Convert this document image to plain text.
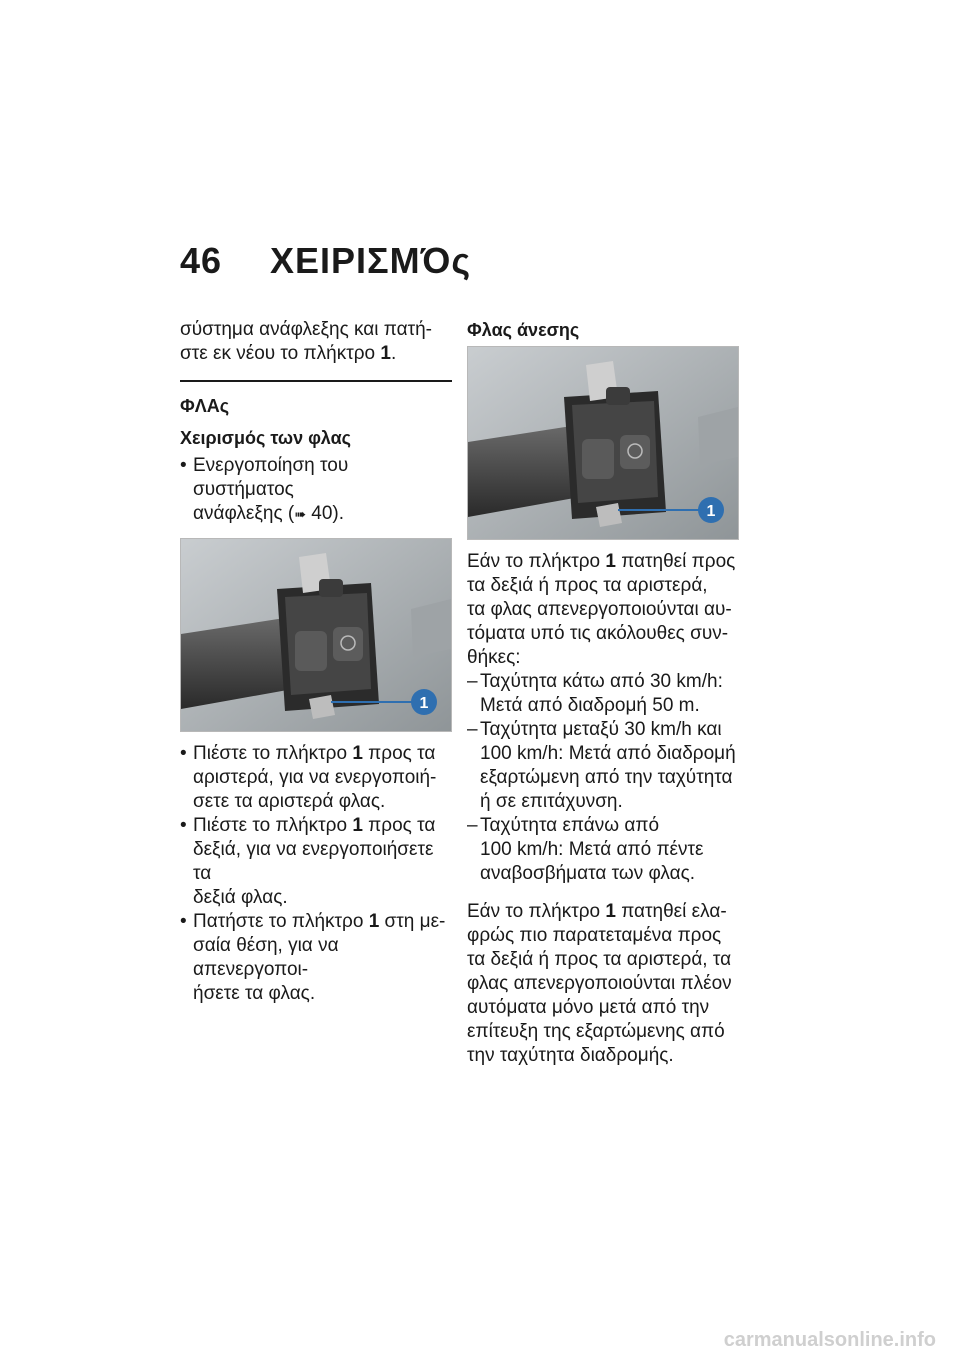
46 ΧΕΙΡΙΣΜΌς

σύστημα ανάφλεξης και πατή-
στε εκ νέου το πλήκτρο 1.

ΦΛΑς
Χειρισμός των φλας

• Ενεργοποίηση του συστήματος
ανάφλεξης (➠ 40).

1

• Πιέστε το πλήκτρο 1 προς τα
αριστερά, για να ενεργοποιή-
σετε τα αριστερά φλας.

• Πιέστε το πλήκτρο 1 προς τα
δεξιά, για να ενεργοποιήσετε τα
δεξιά φλας.

• Πατήστε το πλήκτρο 1 στη με-
σαία θέση, για να απενεργοποι-
ήσετε τα φλας.

Φλας άνεσης
1

Εάν το πλήκτρο 1 πατηθεί προς
τα δεξιά ή προς τα αριστερά,
τα φλας απενεργοποιούνται αυ-
τόματα υπό τις ακόλουθες συν-
θήκες:

– Ταχύτητα κάτω από 30 km/h:
Μετά από διαδρομή 50 m.

– Ταχύτητα μεταξύ 30 km/h και
100 km/h: Μετά από διαδρομή
εξαρτώμενη από την ταχύτητα
ή σε επιτάχυνση.

– Ταχύτητα επάνω από
100 km/h: Μετά από πέντε
αναβοσβήματα των φλας.

Εάν το πλήκτρο 1 πατηθεί ελα-
φρώς πιο παρατεταμένα προς
τα δεξιά ή προς τα αριστερά, τα
φλας απενεργοποιούνται πλέον
αυτόματα μόνο μετά από την
επίτευξη της εξαρτώμενης από
την ταχύτητα διαδρομής.

carmanualsonline.info
